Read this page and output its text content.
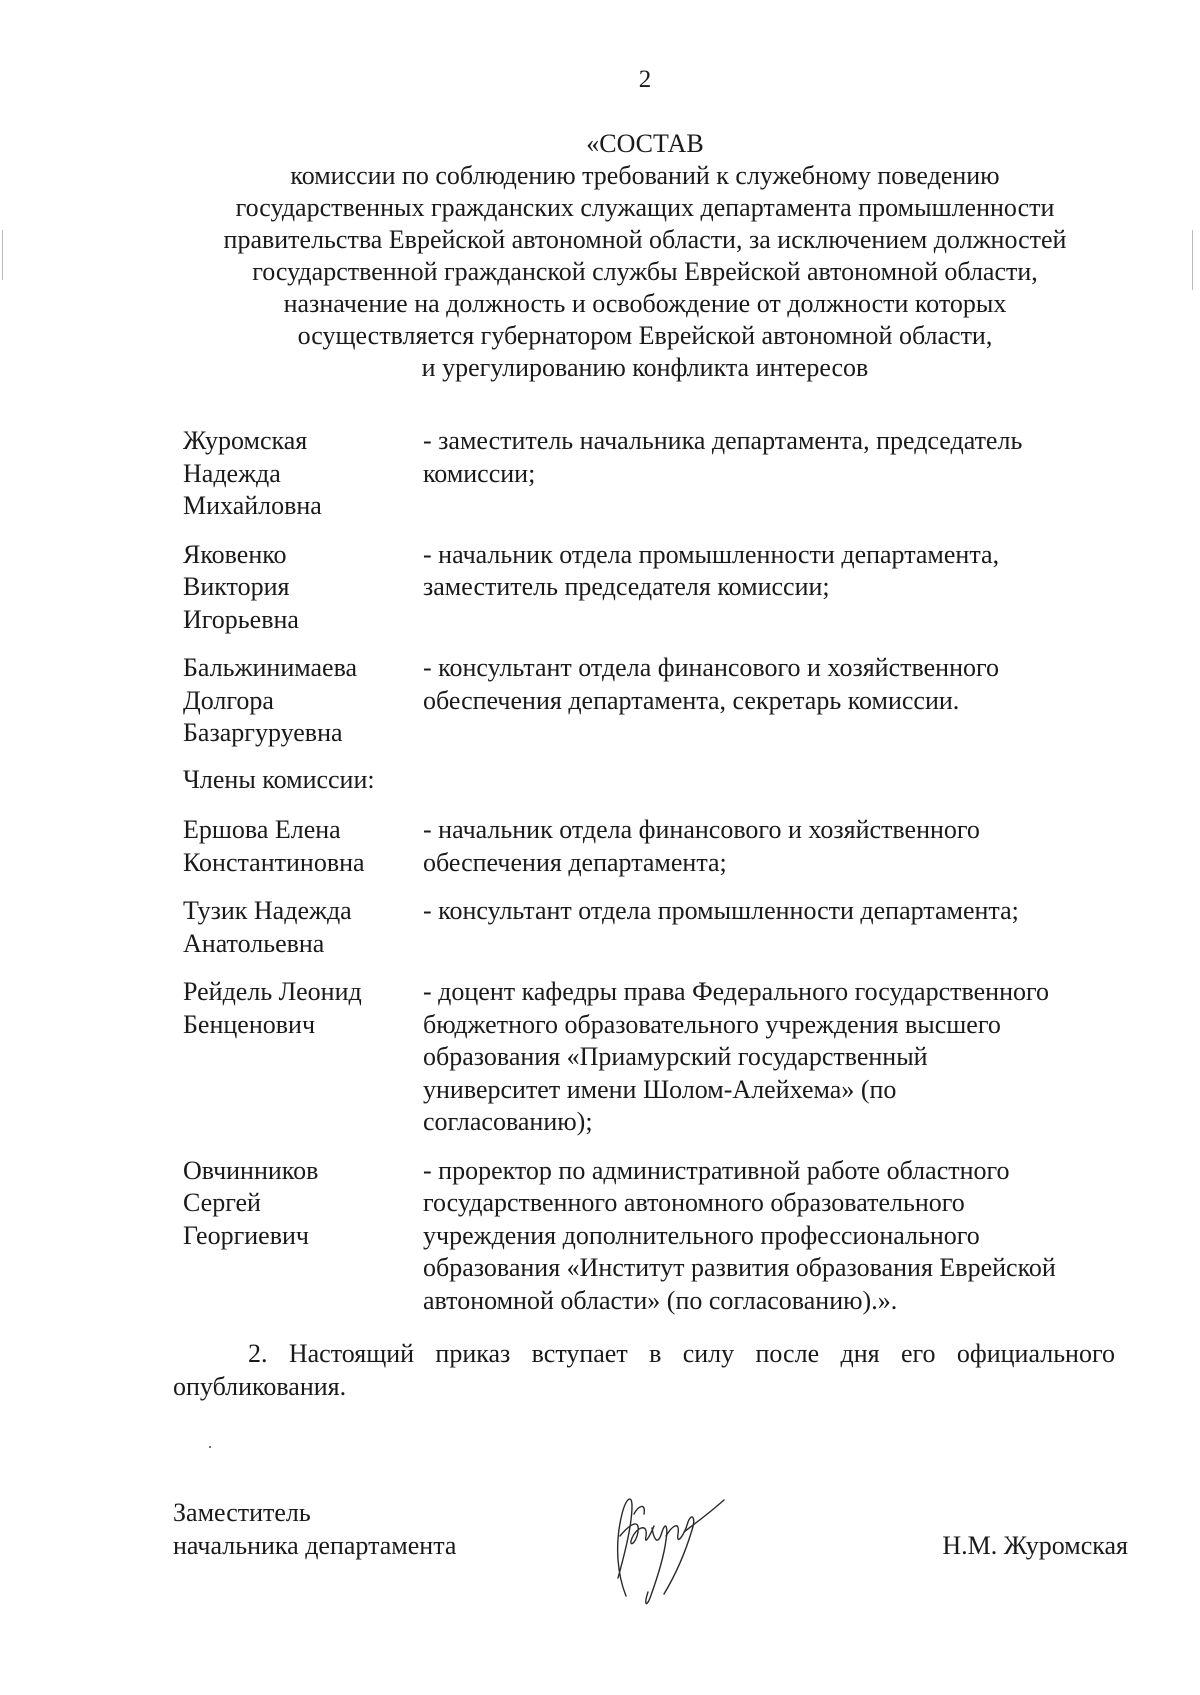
2
«СОСТАВ
комиссии по соблюдению требований к служебному поведению
государственных гражданских служащих департамента промышленности
правительства Еврейской автономной области, за исключением должностей
государственной гражданской службы Еврейской автономной области,
назначение на должность и освобождение от должности которых
осуществляется губернатором Еврейской автономной области,
и урегулированию конфликта интересов
Журомская
Надежда
Михайловна
- заместитель начальника департамента, председатель
комиссии;
Яковенко
Виктория
Игорьевна
- начальник отдела промышленности департамента,
заместитель председателя комиссии;
Бальжинимаева
Долгора
Базаргуруевна
- консультант отдела финансового и хозяйственного
обеспечения департамента, секретарь комиссии.
Члены комиссии:
Ершова Елена
Константиновна
- начальник отдела финансового и хозяйственного
обеспечения департамента;
Тузик Надежда
Анатольевна
- консультант отдела промышленности департамента;
Рейдель Леонид
Бенценович
- доцент кафедры права Федерального государственного
бюджетного образовательного учреждения высшего
образования «Приамурский государственный
университет имени Шолом-Алейхема» (по
согласованию);
Овчинников
Сергей
Георгиевич
- проректор по административной работе областного
государственного автономного образовательного
учреждения дополнительного профессионального
образования «Институт развития образования Еврейской
автономной области» (по согласованию).».
2. Настоящий приказ вступает в силу после дня его официального опубликования.
Заместитель
начальника департамента	Н.М. Журомская
